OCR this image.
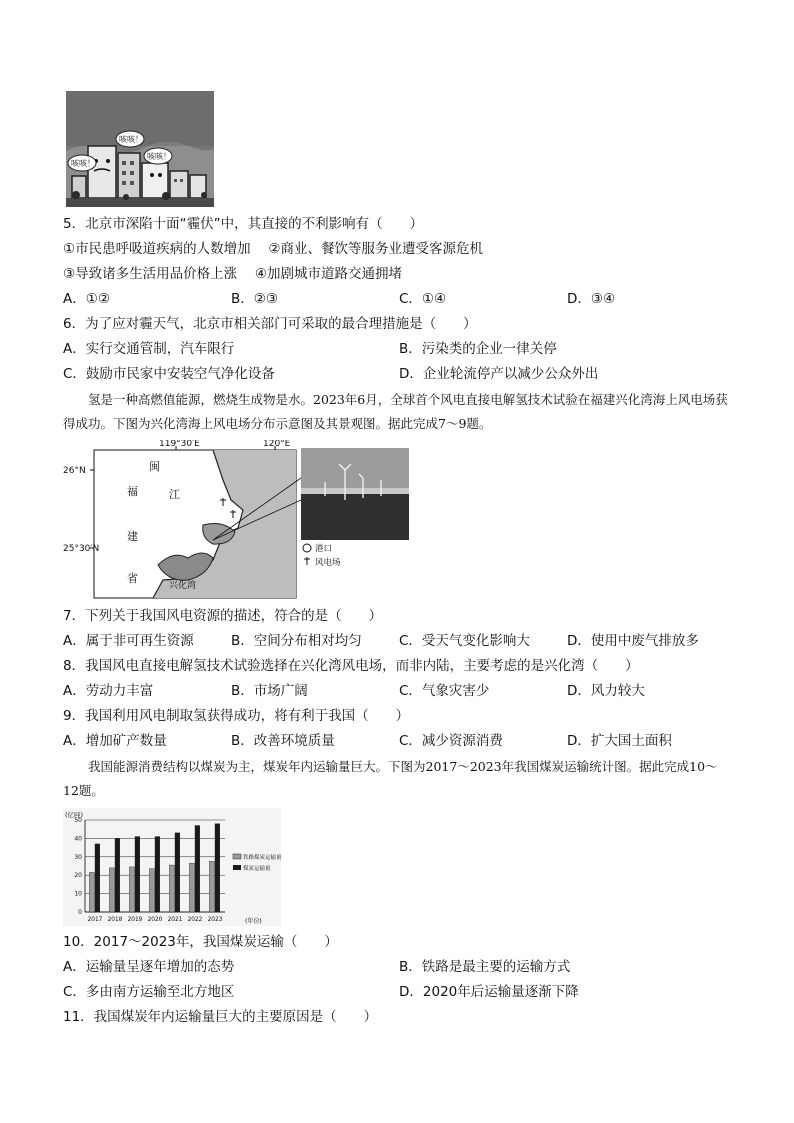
咳咳！
咳咳！
咳咳！
5．北京市深陷十面“霾伏”中，其直接的不利影响有（　　）
①市民患呼吸道疾病的人数增加　 ②商业、餐饮等服务业遭受客源危机
③导致诸多生活用品价格上涨　 ④加剧城市道路交通拥堵
A．①②	B．②③	C．①④	D．③④
6．为了应对霾天气，北京市相关部门可采取的最合理措施是（　　）
A．实行交通管制，汽车限行	B．污染类的企业一律关停
C．鼓励市民家中安装空气净化设备	D．企业轮流停产以减少公众外出
氢是一种高燃值能源，燃烧生成物是水。2023年6月，全球首个风电直接电解氢技术试验在福建兴化湾海上风电场获得成功。下图为兴化湾海上风电场分布示意图及其景观图。据此完成7～9题。
119°30′E	120°E
26°N
25°30′N
闽
江
福
建
省
兴化湾
港口
风电场
7．下列关于我国风电资源的描述，符合的是（　　）
A．属于非可再生资源	B．空间分布相对均匀	C．受天气变化影响大	D．使用中废气排放多
8．我国风电直接电解氢技术试验选择在兴化湾风电场，而非内陆，主要考虑的是兴化湾（　　）
A．劳动力丰富	B．市场广阔	C．气象灾害少	D．风力较大
9．我国利用风电制取氢获得成功，将有利于我国（　　）
A．增加矿产数量	B．改善环境质量	C．减少资源消费	D．扩大国土面积
我国能源消费结构以煤炭为主，煤炭年内运输量巨大。下图为2017～2023年我国煤炭运输统计图。据此完成10～12题。
0
10
20
30
40
50
2017 2018 2019 2020 2021 2022 2023
(亿吨)
(年份)
铁路煤炭运输量
煤炭运输量
10．2017～2023年，我国煤炭运输（　　）
A．运输量呈逐年增加的态势	B．铁路是最主要的运输方式
C．多由南方运输至北方地区	D．2020年后运输量逐渐下降
11．我国煤炭年内运输量巨大的主要原因是（　　）
